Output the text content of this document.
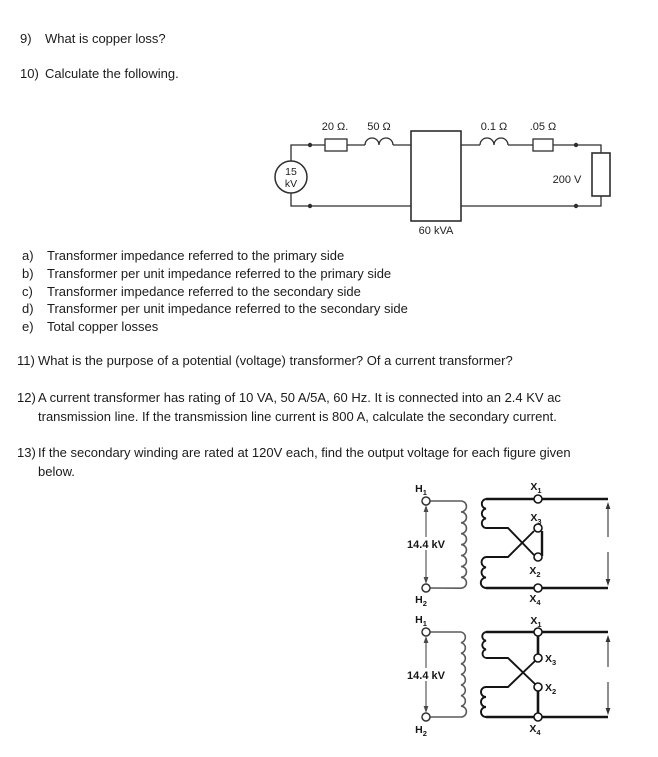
9) What is copper loss?
10) Calculate the following.
15
kV
20 Ω. 50 Ω	0.1 Ω .05 Ω
200 V
60 kVA
a) Transformer impedance referred to the primary side
b) Transformer per unit impedance referred to the primary side
c) Transformer impedance referred to the secondary side
d) Transformer per unit impedance referred to the secondary side
e) Total copper losses
11) What is the purpose of a potential (voltage) transformer? Of a current transformer?
12) A current transformer has rating of 10 VA, 50 A/5A, 60 Hz. It is connected into an 2.4 KV ac
transmission line. If the transmission line current is 800 A, calculate the secondary current.
13) If the secondary winding are rated at 120V each, find the output voltage for each figure given
below.
14.4 kV
$H_1$
$H_2$
$X_1$
$X_3$
$X_2$
$X_4$
14.4 kV
$H_1$
$H_2$
$X_1$
$X_3$
$X_2$
$X_4$
